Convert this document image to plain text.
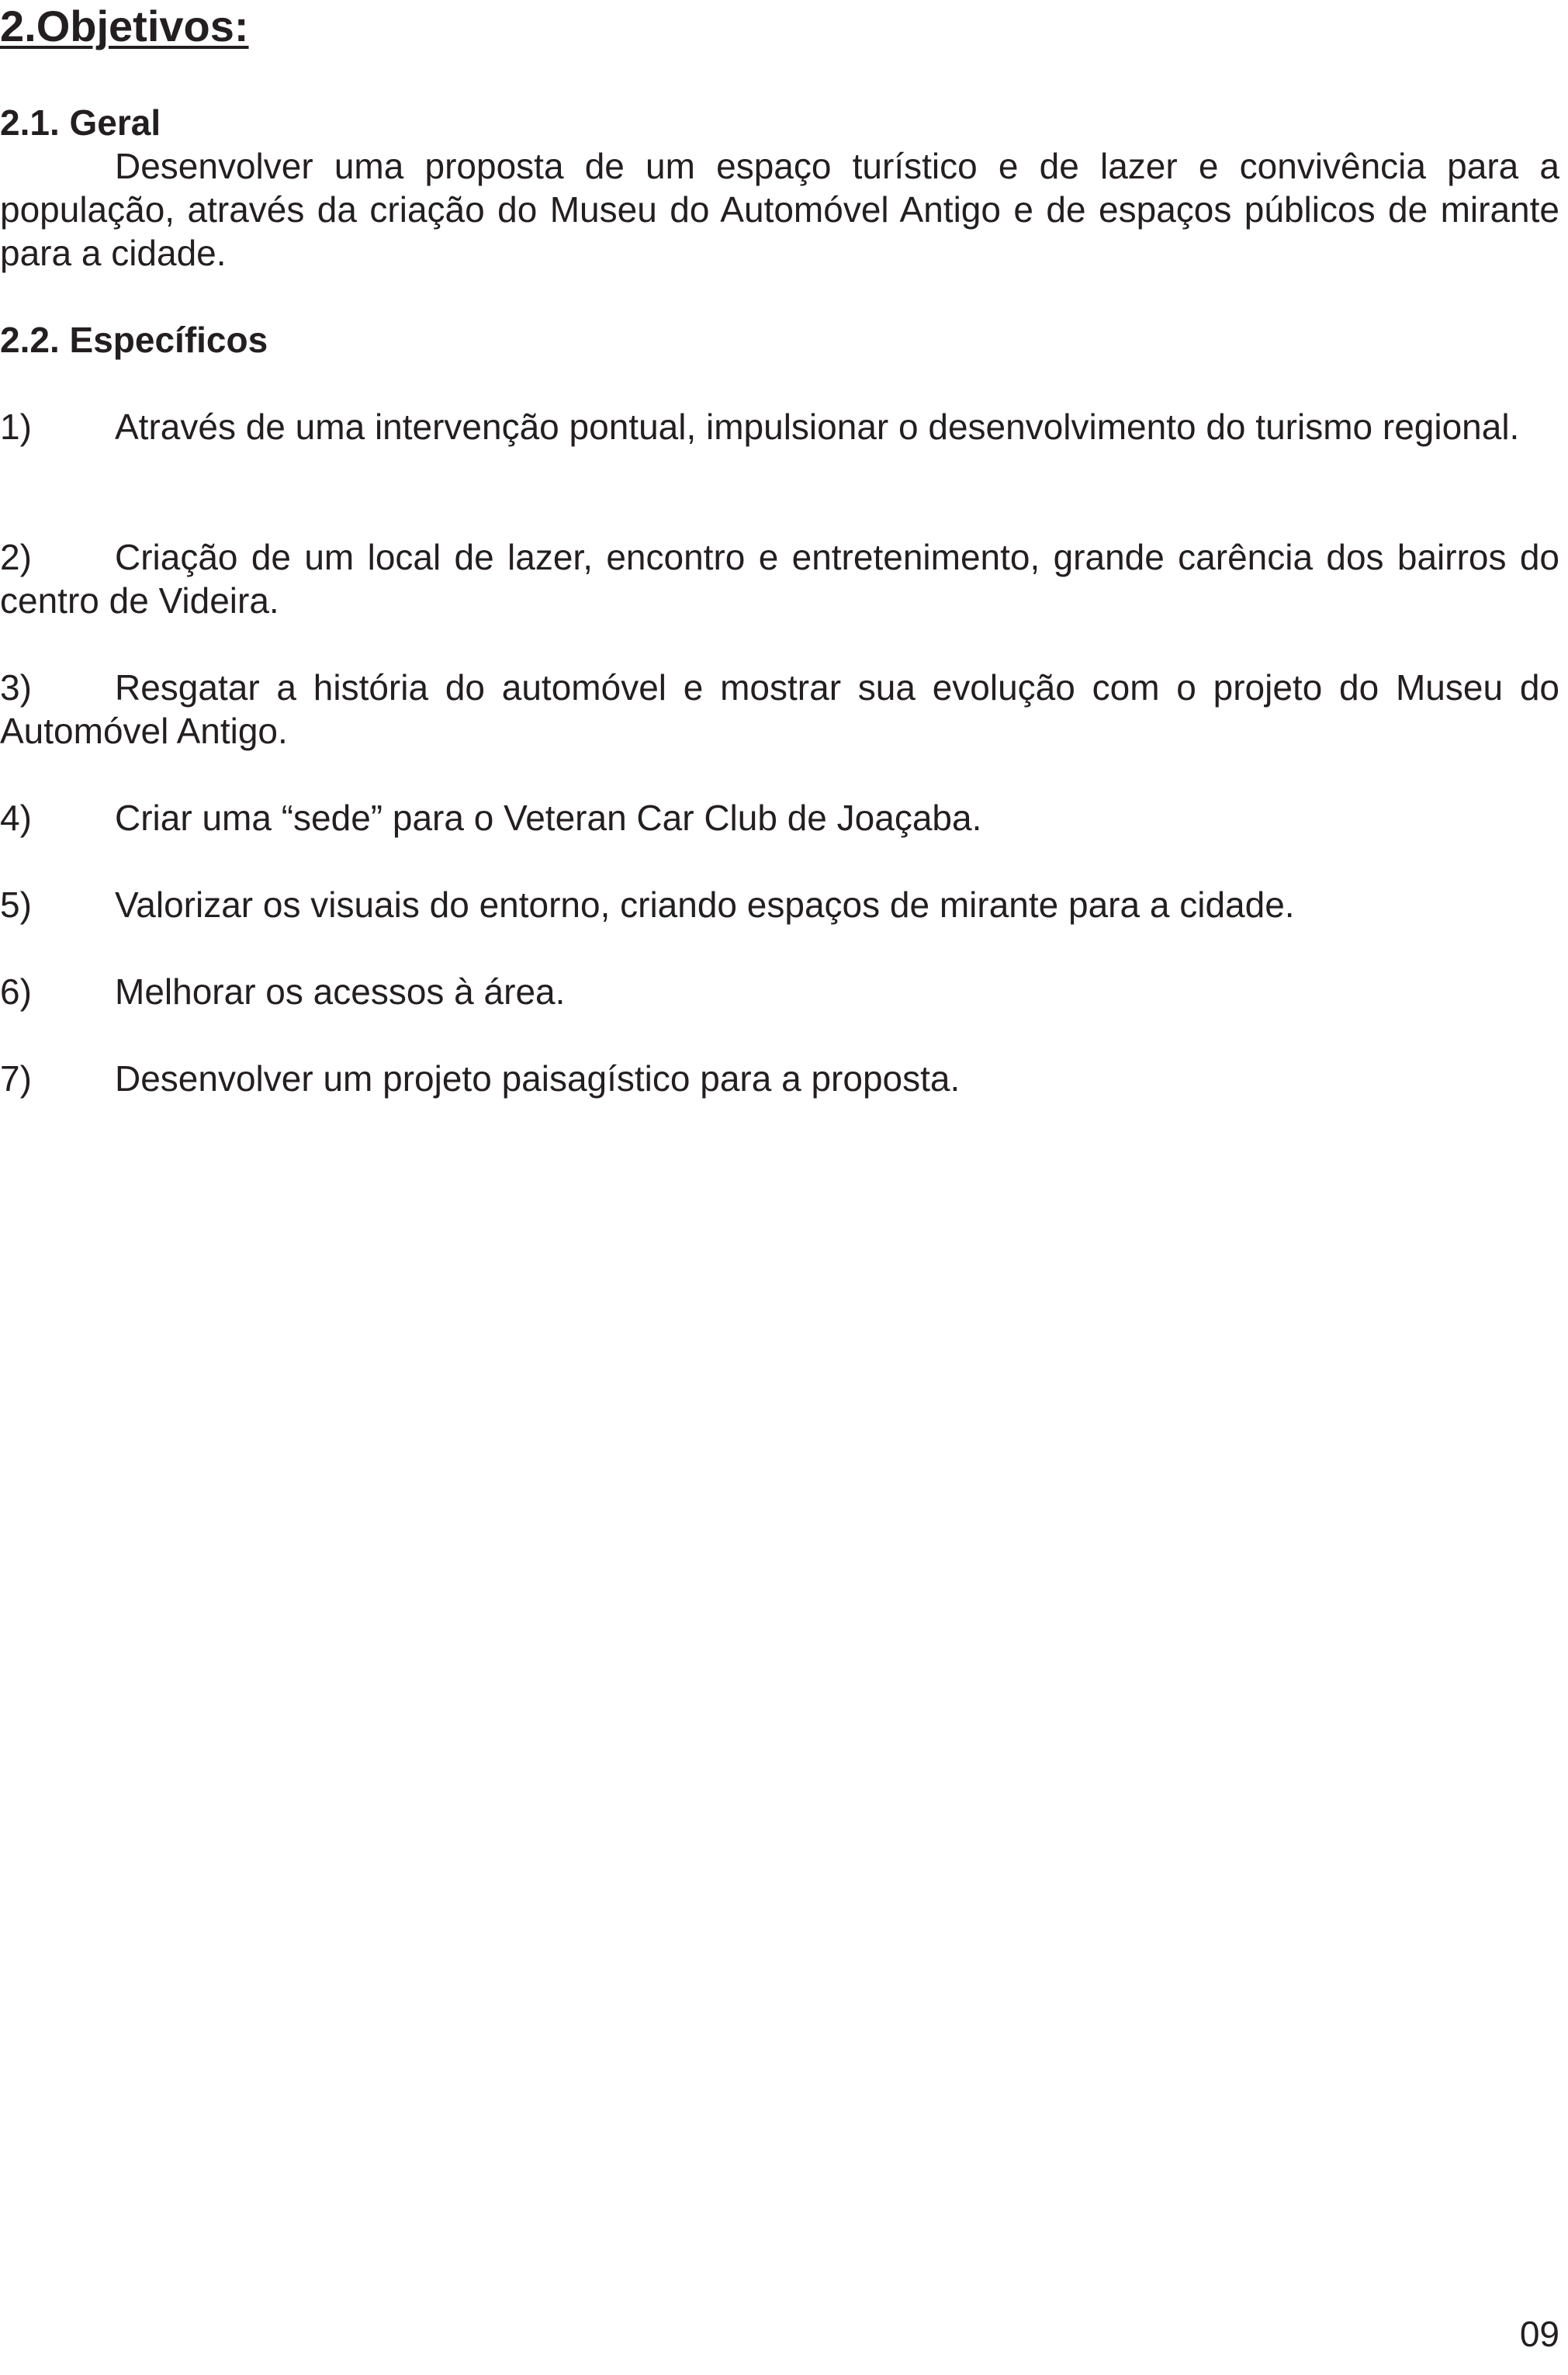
2.Objetivos:
2.1. Geral

Desenvolver uma proposta de um espaço turístico e de lazer e convivência para a população, através da criação do Museu do Automóvel Antigo e de espaços públicos de mirante para a cidade.

2.2. Específicos

1) Através de uma intervenção pontual, impulsionar o desenvolvimento do turismo regional.

2) Criação de um local de lazer, encontro e entretenimento, grande carência dos bairros do centro de Videira.

3) Resgatar a história do automóvel e mostrar sua evolução com o projeto do Museu do Automóvel Antigo.

4) Criar uma “sede” para o Veteran Car Club de Joaçaba.

5) Valorizar os visuais do entorno, criando espaços de mirante para a cidade.

6) Melhorar os acessos à área.

7) Desenvolver um projeto paisagístico para a proposta.

09
